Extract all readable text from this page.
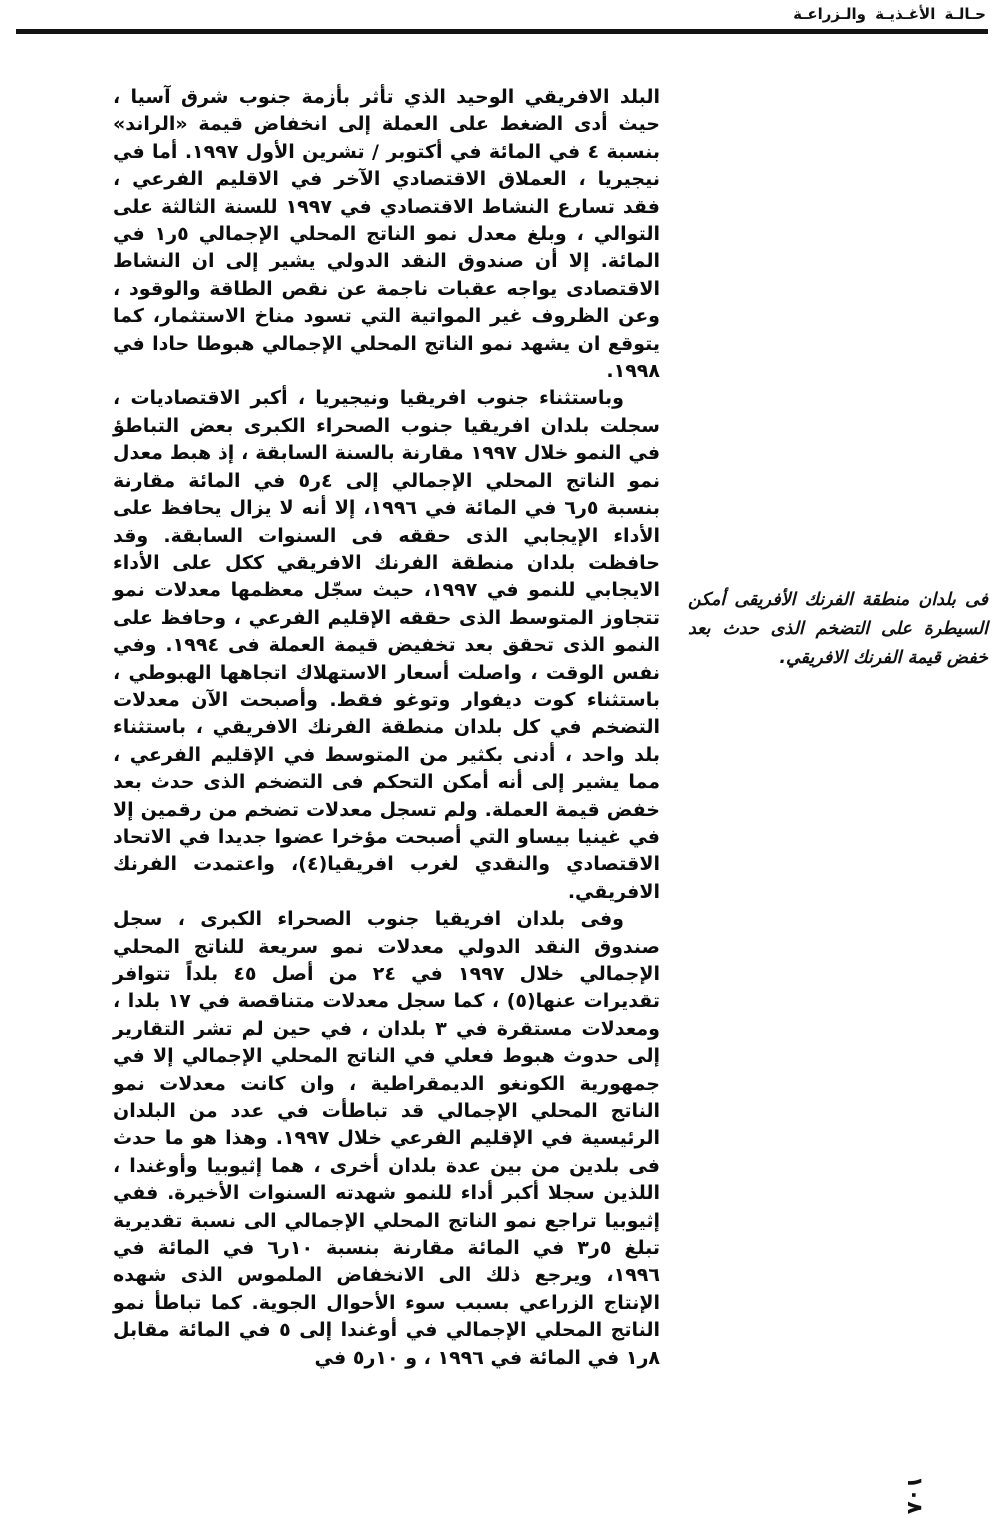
حـالـة الأغـذيـة والـزراعـة

البلد الافريقي الوحيد الذي تأثر بأزمة جنوب شرق آسيا ، حيث أدى الضغط على العملة إلى انخفاض قيمة «الراند» بنسبة ٤ في المائة في أكتوبر / تشرين الأول ١٩٩٧. أما في نيجيريا ، العملاق الاقتصادي الآخر في الاقليم الفرعي ، فقد تسارع النشاط الاقتصادي في ١٩٩٧ للسنة الثالثة على التوالي ، وبلغ معدل نمو الناتج المحلي الإجمالي ٥ر١ في المائة. إلا أن صندوق النقد الدولي يشير إلى ان النشاط الاقتصادى يواجه عقبات ناجمة عن نقص الطاقة والوقود ، وعن الظروف غير المواتية التي تسود مناخ الاستثمار، كما يتوقع ان يشهد نمو الناتج المحلي الإجمالي هبوطا حادا في ١٩٩٨.

وباستثناء جنوب افريقيا ونيجيريا ، أكبر الاقتصاديات ، سجلت بلدان افريقيا جنوب الصحراء الكبرى بعض التباطؤ في النمو خلال ١٩٩٧ مقارنة بالسنة السابقة ، إذ هبط معدل نمو الناتج المحلي الإجمالي إلى ٤ر٥ في المائة مقارنة بنسبة ٥ر٦ في المائة في ١٩٩٦، إلا أنه لا يزال يحافظ على الأداء الإيجابي الذى حققه فى السنوات السابقة. وقد حافظت بلدان منطقة الفرنك الافريقي ككل على الأداء الايجابي للنمو في ١٩٩٧، حيث سجّل معظمها معدلات نمو تتجاوز المتوسط الذى حققه الإقليم الفرعي ، وحافظ على النمو الذى تحقق بعد تخفيض قيمة العملة فى ١٩٩٤. وفي نفس الوقت ، واصلت أسعار الاستهلاك اتجاهها الهبوطي ، باستثناء كوت ديفوار وتوغو فقط. وأصبحت الآن معدلات التضخم في كل بلدان منطقة الفرنك الافريقي ، باستثناء بلد واحد ، أدنى بكثير من المتوسط في الإقليم الفرعي ، مما يشير إلى أنه أمكن التحكم فى التضخم الذى حدث بعد خفض قيمة العملة. ولم تسجل معدلات تضخم من رقمين إلا في غينيا بيساو التي أصبحت مؤخرا عضوا جديدا في الاتحاد الاقتصادي والنقدي لغرب افريقيا(٤)، واعتمدت الفرنك الافريقي.

وفى بلدان افريقيا جنوب الصحراء الكبرى ، سجل صندوق النقد الدولي معدلات نمو سريعة للناتج المحلي الإجمالي خلال ١٩٩٧ في ٢٤ من أصل ٤٥ بلداً تتوافر تقديرات عنها(٥) ، كما سجل معدلات متناقصة في ١٧ بلدا ، ومعدلات مستقرة في ٣ بلدان ، في حين لم تشر التقارير إلى حدوث هبوط فعلي في الناتج المحلي الإجمالي إلا في جمهورية الكونغو الديمقراطية ، وان كانت معدلات نمو الناتج المحلي الإجمالي قد تباطأت في عدد من البلدان الرئيسية في الإقليم الفرعي خلال ١٩٩٧. وهذا هو ما حدث فى بلدين من بين عدة بلدان أخرى ، هما إثيوبيا وأوغندا ، اللذين سجلا أكبر أداء للنمو شهدته السنوات الأخيرة. ففي إثيوبيا تراجع نمو الناتج المحلي الإجمالي الى نسبة تقديرية تبلغ ٥ر٣ في المائة مقارنة بنسبة ١٠ر٦ في المائة في ١٩٩٦، ويرجع ذلك الى الانخفاض الملموس الذى شهده الإنتاج الزراعي بسبب سوء الأحوال الجوية. كما تباطأ نمو الناتج المحلي الإجمالي في أوغندا إلى ٥ في المائة مقابل ٨ر١ في المائة في ١٩٩٦ ، و ١٠ر٥ في

فى بلدان منطقة الفرنك الأفريقى أمكن السيطرة على التضخم الذى حدث بعد خفض قيمة الفرنك الافريقي.
١٠٨
